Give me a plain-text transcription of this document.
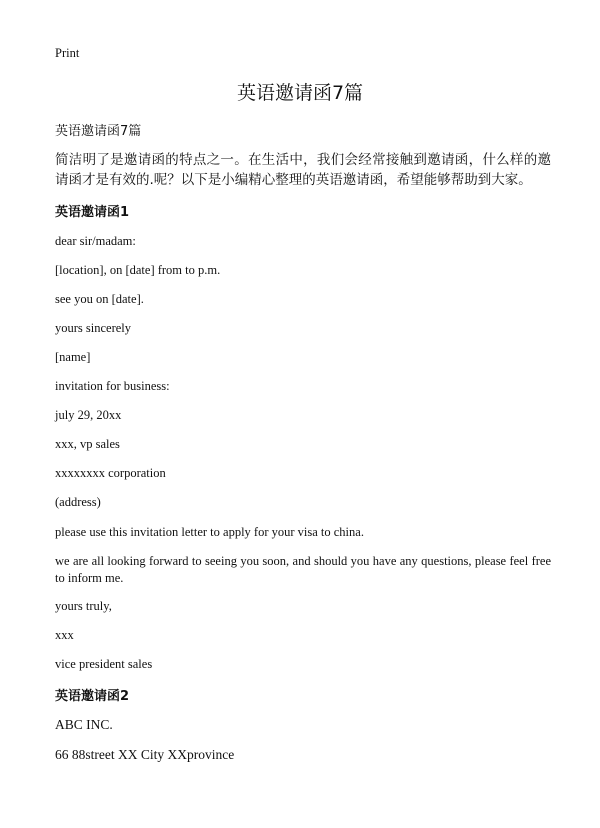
Print
英语邀请函7篇
英语邀请函7篇
简洁明了是邀请函的特点之一。在生活中，我们会经常接触到邀请函，什么样的邀请函才是有效的.呢？以下是小编精心整理的英语邀请函，希望能够帮助到大家。
英语邀请函1
dear sir/madam:
[location], on [date] from to p.m.
see you on [date].
yours sincerely
[name]
invitation for business:
july 29, 20xx
xxx, vp sales
xxxxxxxx corporation
(address)
please use this invitation letter to apply for your visa to china.
we are all looking forward to seeing you soon, and should you have any questions, please feel free to inform me.
yours truly,
xxx
vice president sales
英语邀请函2
ABC INC.
66 88street XX City XXprovince
